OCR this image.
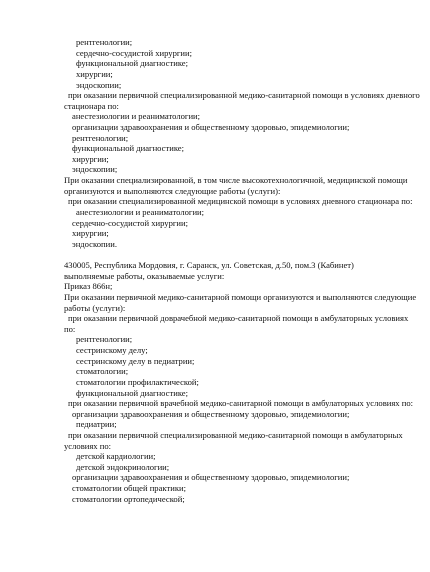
рентгенологии;
сердечно-сосудистой хирургии;
функциональной диагностике;
хирургии;
эндоскопии;
при оказании первичной специализированной медико-санитарной помощи в условиях дневного
стационара по:
анестезиологии и реаниматологии;
организации здравоохранения и общественному здоровью, эпидемиологии;
рентгенологии;
функциональной диагностике;
хирургии;
эндоскопии;
При оказании специализированной, в том числе высокотехнологичной, медицинской помощи
организуются и выполняются следующие работы (услуги):
при оказании специализированной медицинской помощи в условиях дневного стационара по:
анестезиологии и реаниматологии;
сердечно-сосудистой хирургии;
хирургии;
эндоскопии.
430005, Республика Мордовия, г. Саранск, ул. Советская, д.50, пом.3 (Кабинет)
выполняемые работы, оказываемые услуги:
Приказ 866н;
При оказании первичной медико-санитарной помощи организуются и выполняются следующие
работы (услуги):
при оказании первичной доврачебной медико-санитарной помощи в амбулаторных условиях
по:
рентгенологии;
сестринскому делу;
сестринскому делу в педиатрии;
стоматологии;
стоматологии профилактической;
функциональной диагностике;
при оказании первичной врачебной медико-санитарной помощи в амбулаторных условиях по:
организации здравоохранения и общественному здоровью, эпидемиологии;
педиатрии;
при оказании первичной специализированной медико-санитарной помощи в амбулаторных
условиях по:
детской кардиологии;
детской эндокринологии;
организации здравоохранения и общественному здоровью, эпидемиологии;
стоматологии общей практики;
стоматологии ортопедической;
